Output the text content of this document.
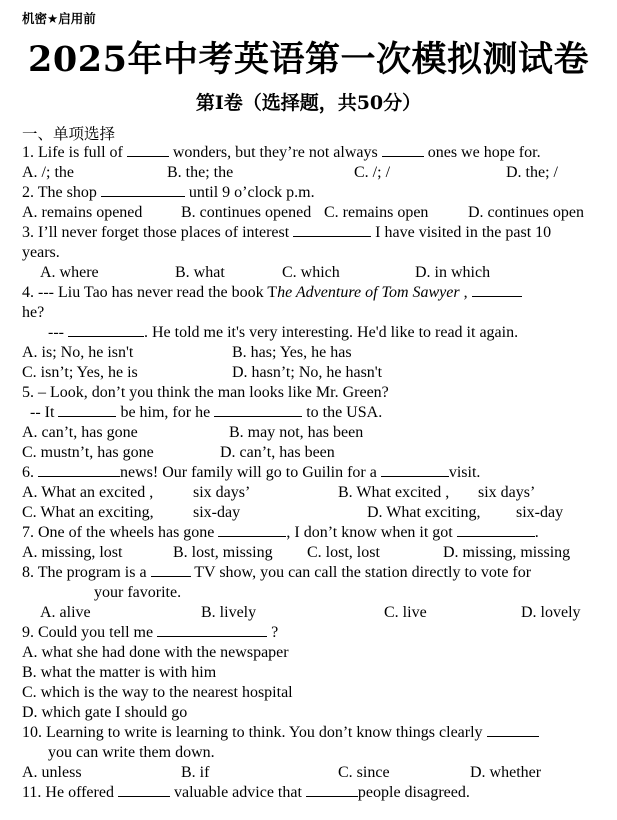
机密★启用前
2025年中考英语第一次模拟测试卷
第Ⅰ卷（选择题，共50分）
一、单项选择
1. Life is full of	wonders, but they’re not always	ones we hope for.
A. /; the	B. the; the	C. /; /	D. the; /
2. The shop	until 9 o’clock p.m.
A. remains opened B. continues opened C. remains open D. continues open
3. I’ll never forget those places of interest	I have visited in the past 10
years.
A. where	B. what	C. which	D. in which
4. --- Liu Tao has never read the book The Adventure of Tom Sawyer ,
he?
---	. He told me it's very interesting. He'd like to read it again.
A. is; No, he isn't	B. has; Yes, he has
C. isn’t; Yes, he is	D. hasn’t; No, he hasn't
5. – Look, don’t you think the man looks like Mr. Green?
-- It	be him, for he	to the USA.
A. can’t, has gone	B. may not, has been
C. mustn’t, has gone	D. can’t, has been
6.	news! Our family will go to Guilin for a	visit.
A. What an excited , six days’	B. What excited , six days’
C. What an exciting, six-day	D. What exciting, six-day
7. One of the wheels has gone	, I don’t know when it got	.
A. missing, lost	B. lost, missing C. lost, lost	D. missing, missing
8. The program is a	TV show, you can call the station directly to vote for
your favorite.
A. alive	B. lively	C. live	D. lovely
9. Could you tell me	?
A. what she had done with the newspaper
B. what the matter is with him
C. which is the way to the nearest hospital
D. which gate I should go
10. Learning to write is learning to think. You don’t know things clearly
you can write them down.
A. unless	B. if	C. since	D. whether
11. He offered	valuable advice that	people disagreed.
